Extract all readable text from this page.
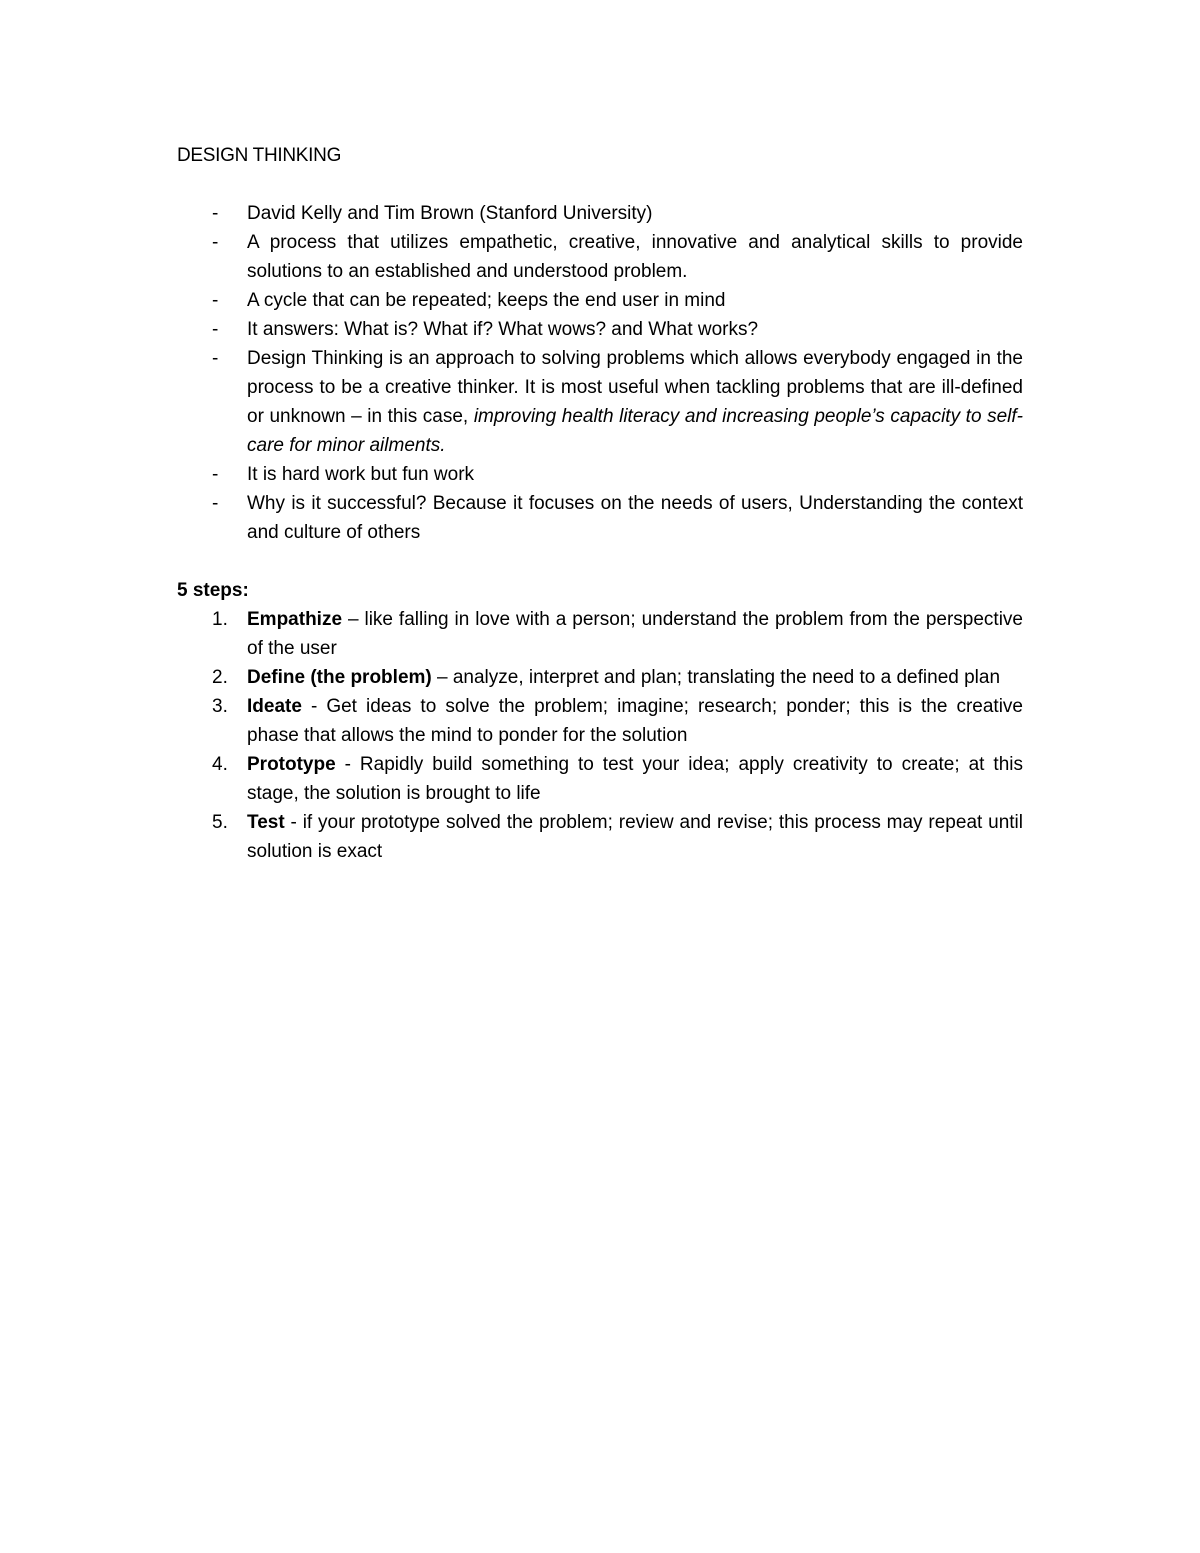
DESIGN THINKING
- David Kelly and Tim Brown (Stanford University)
- A process that utilizes empathetic, creative, innovative and analytical skills to provide solutions to an established and understood problem.
- A cycle that can be repeated; keeps the end user in mind
- It answers: What is? What if? What wows? and What works?
- Design Thinking is an approach to solving problems which allows everybody engaged in the process to be a creative thinker. It is most useful when tackling problems that are ill-defined or unknown – in this case, improving health literacy and increasing people’s capacity to self-care for minor ailments.
- It is hard work but fun work
- Why is it successful? Because it focuses on the needs of users, Understanding the context and culture of others
5 steps:
1. Empathize – like falling in love with a person; understand the problem from the perspective of the user
2. Define (the problem) – analyze, interpret and plan; translating the need to a defined plan
3. Ideate - Get ideas to solve the problem; imagine; research; ponder; this is the creative phase that allows the mind to ponder for the solution
4. Prototype - Rapidly build something to test your idea; apply creativity to create; at this stage, the solution is brought to life
5. Test - if your prototype solved the problem; review and revise; this process may repeat until solution is exact
